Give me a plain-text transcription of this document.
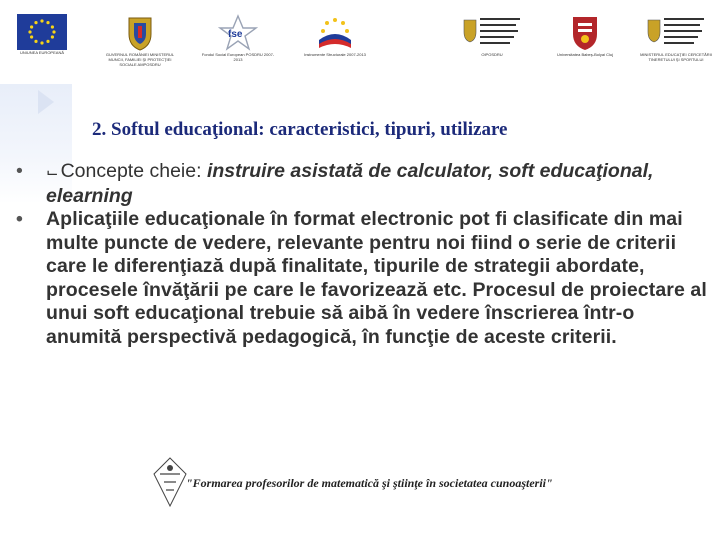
UNIUNEA EUROPEANĂ	GUVERNUL ROMÂNIEI MINISTERUL MUNCII, FAMILIEI ŞI PROTECŢIEI SOCIALE AMPOSDRU
fse
Fondul Social European POSDRU 2007-2013
Instrumente Structurale 2007-2013	OIPOSDRU	Universitatea Babeş-Bolyai Cluj	MINISTERUL EDUCAŢIEI CERCETĂRII TINERETULUI ŞI SPORTULUI
2. Softul educaţional: caracteristici, tipuri, utilizare
• ⌙ Concepte cheie: instruire asistată de calculator, soft educaţional, elearning
• Aplicaţiile educaţionale în format electronic pot fi clasificate din mai multe puncte de vedere, relevante pentru noi fiind o serie de criterii care le diferenţiază după finalitate, tipurile de strategii abordate, procesele învăţării pe care le favorizează etc. Procesul de proiectare al unui soft educaţional trebuie să aibă în vedere înscrierea într-o anumită perspectivă pedagogică, în funcţie de aceste criterii.
"Formarea profesorilor de matematică şi ştiinţe în societatea cunoaşterii"
